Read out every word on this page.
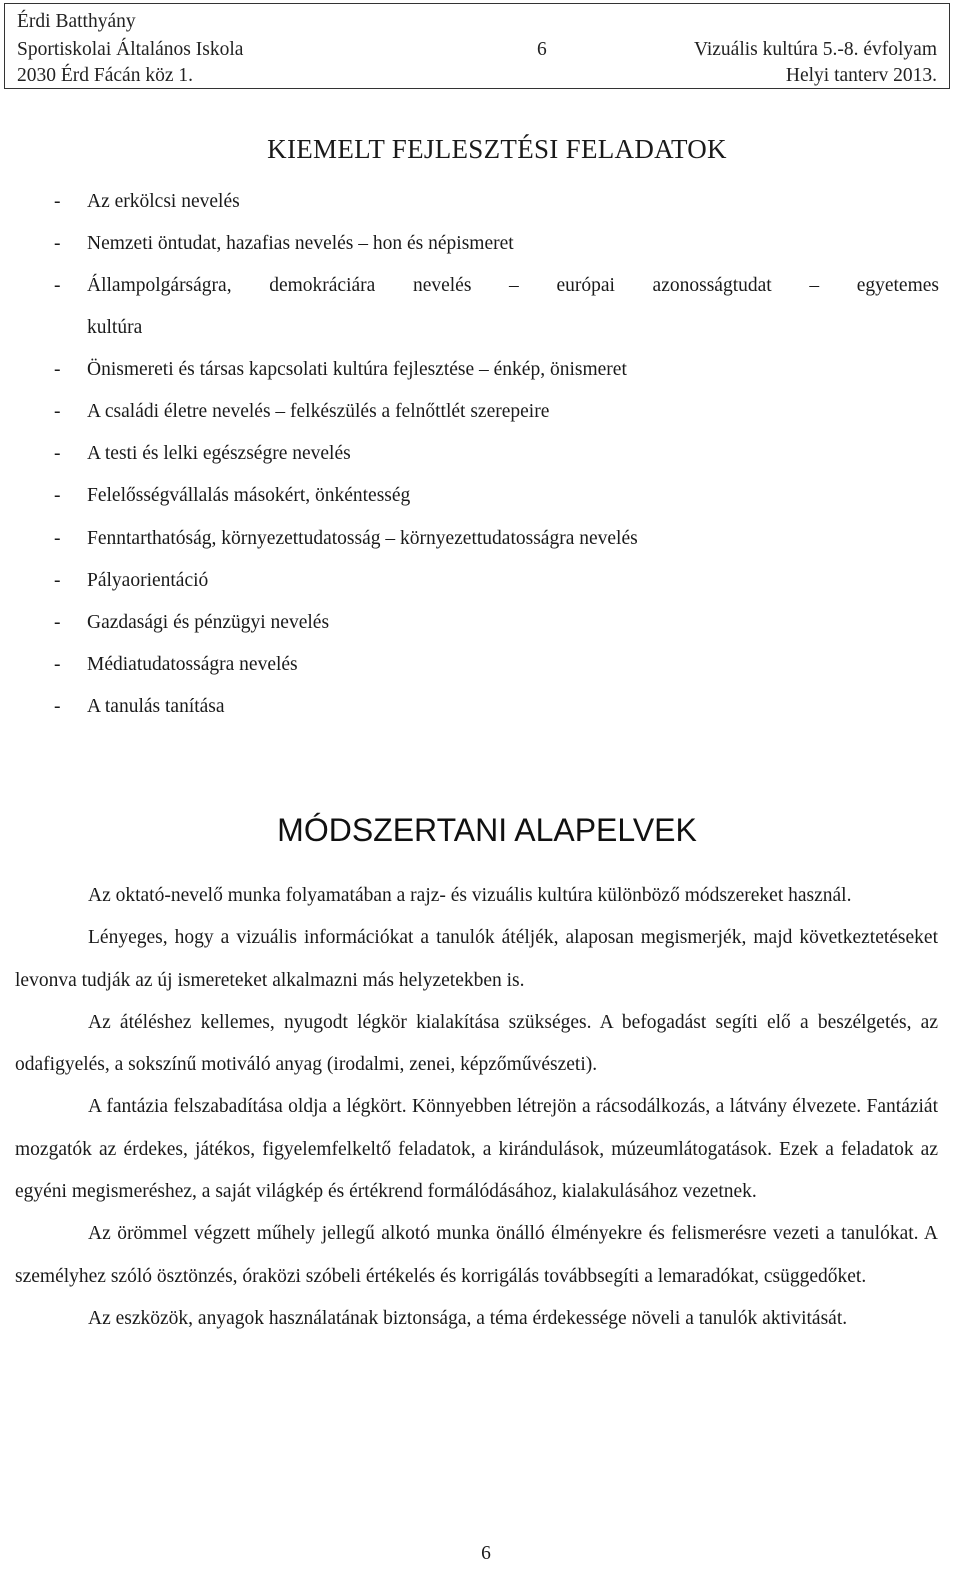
Érdi Batthyány
Sportiskolai Általános Iskola
2030 Érd Fácán köz 1.
6	Vizuális kultúra 5.-8. évfolyam
Helyi tanterv 2013.
KIEMELT FEJLESZTÉSI FELADATOK
-	Az erkölcsi nevelés
-	Nemzeti öntudat, hazafias nevelés – hon és népismeret
-	Állampolgárságra, demokráciára nevelés – európai azonosságtudat – egyetemes
kultúra
-	Önismereti és társas kapcsolati kultúra fejlesztése – énkép, önismeret
-	A családi életre nevelés – felkészülés a felnőttlét szerepeire
-	A testi és lelki egészségre nevelés
-	Felelősségvállalás másokért, önkéntesség
-	Fenntarthatóság, környezettudatosság – környezettudatosságra nevelés
-	Pályaorientáció
-	Gazdasági és pénzügyi nevelés
-	Médiatudatosságra nevelés
-	A tanulás tanítása
MÓDSZERTANI ALAPELVEK

Az oktató-nevelő munka folyamatában a rajz- és vizuális kultúra különböző módszereket használ.

Lényeges, hogy a vizuális információkat a tanulók átéljék, alaposan megismerjék, majd következtetéseket levonva tudják az új ismereteket alkalmazni más helyzetekben is.

Az átéléshez kellemes, nyugodt légkör kialakítása szükséges. A befogadást segíti elő a beszélgetés, az odafigyelés, a sokszínű motiváló anyag (irodalmi, zenei, képzőművészeti).

A fantázia felszabadítása oldja a légkört. Könnyebben létrejön a rácsodálkozás, a látvány élvezete. Fantáziát mozgatók az érdekes, játékos, figyelemfelkeltő feladatok, a kirándulások, múzeumlátogatások. Ezek a feladatok az egyéni megismeréshez, a saját világkép és értékrend formálódásához, kialakulásához vezetnek.

Az örömmel végzett műhely jellegű alkotó munka önálló élményekre és felismerésre vezeti a tanulókat. A személyhez szóló ösztönzés, óraközi szóbeli értékelés és korrigálás továbbsegíti a lemaradókat, csüggedőket.

Az eszközök, anyagok használatának biztonsága, a téma érdekessége növeli a tanulók aktivitását.

6
